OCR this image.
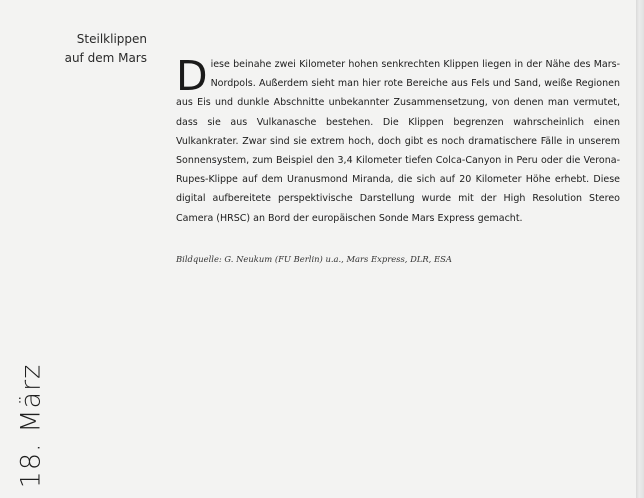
Steilklippen
auf dem Mars Diese beinahe zwei Kilometer hohen senkrechten Klippen liegen in der Nähe des Mars-Nordpols. Außerdem sieht man hier rote Bereiche aus Fels und Sand, weiße Regionen aus Eis und dunkle Abschnitte unbekannter Zusammensetzung, von denen man vermutet, dass sie aus Vulkanasche bestehen. Die Klippen begrenzen wahrscheinlich einen Vulkankrater. Zwar sind sie extrem hoch, doch gibt es noch dramatischere Fälle in unserem Sonnensystem, zum Beispiel den 3,4 Kilometer tiefen Colca-Canyon in Peru oder die Verona-Rupes-Klippe auf dem Uranusmond Miranda, die sich auf 20 Kilometer Höhe erhebt. Diese digital aufbereitete perspektivische Darstellung wurde mit der High Resolution Stereo Camera (HRSC) an Bord der europäischen Sonde Mars Express gemacht.

Bildquelle: G. Neukum (FU Berlin) u.a., Mars Express, DLR, ESA

18. März
